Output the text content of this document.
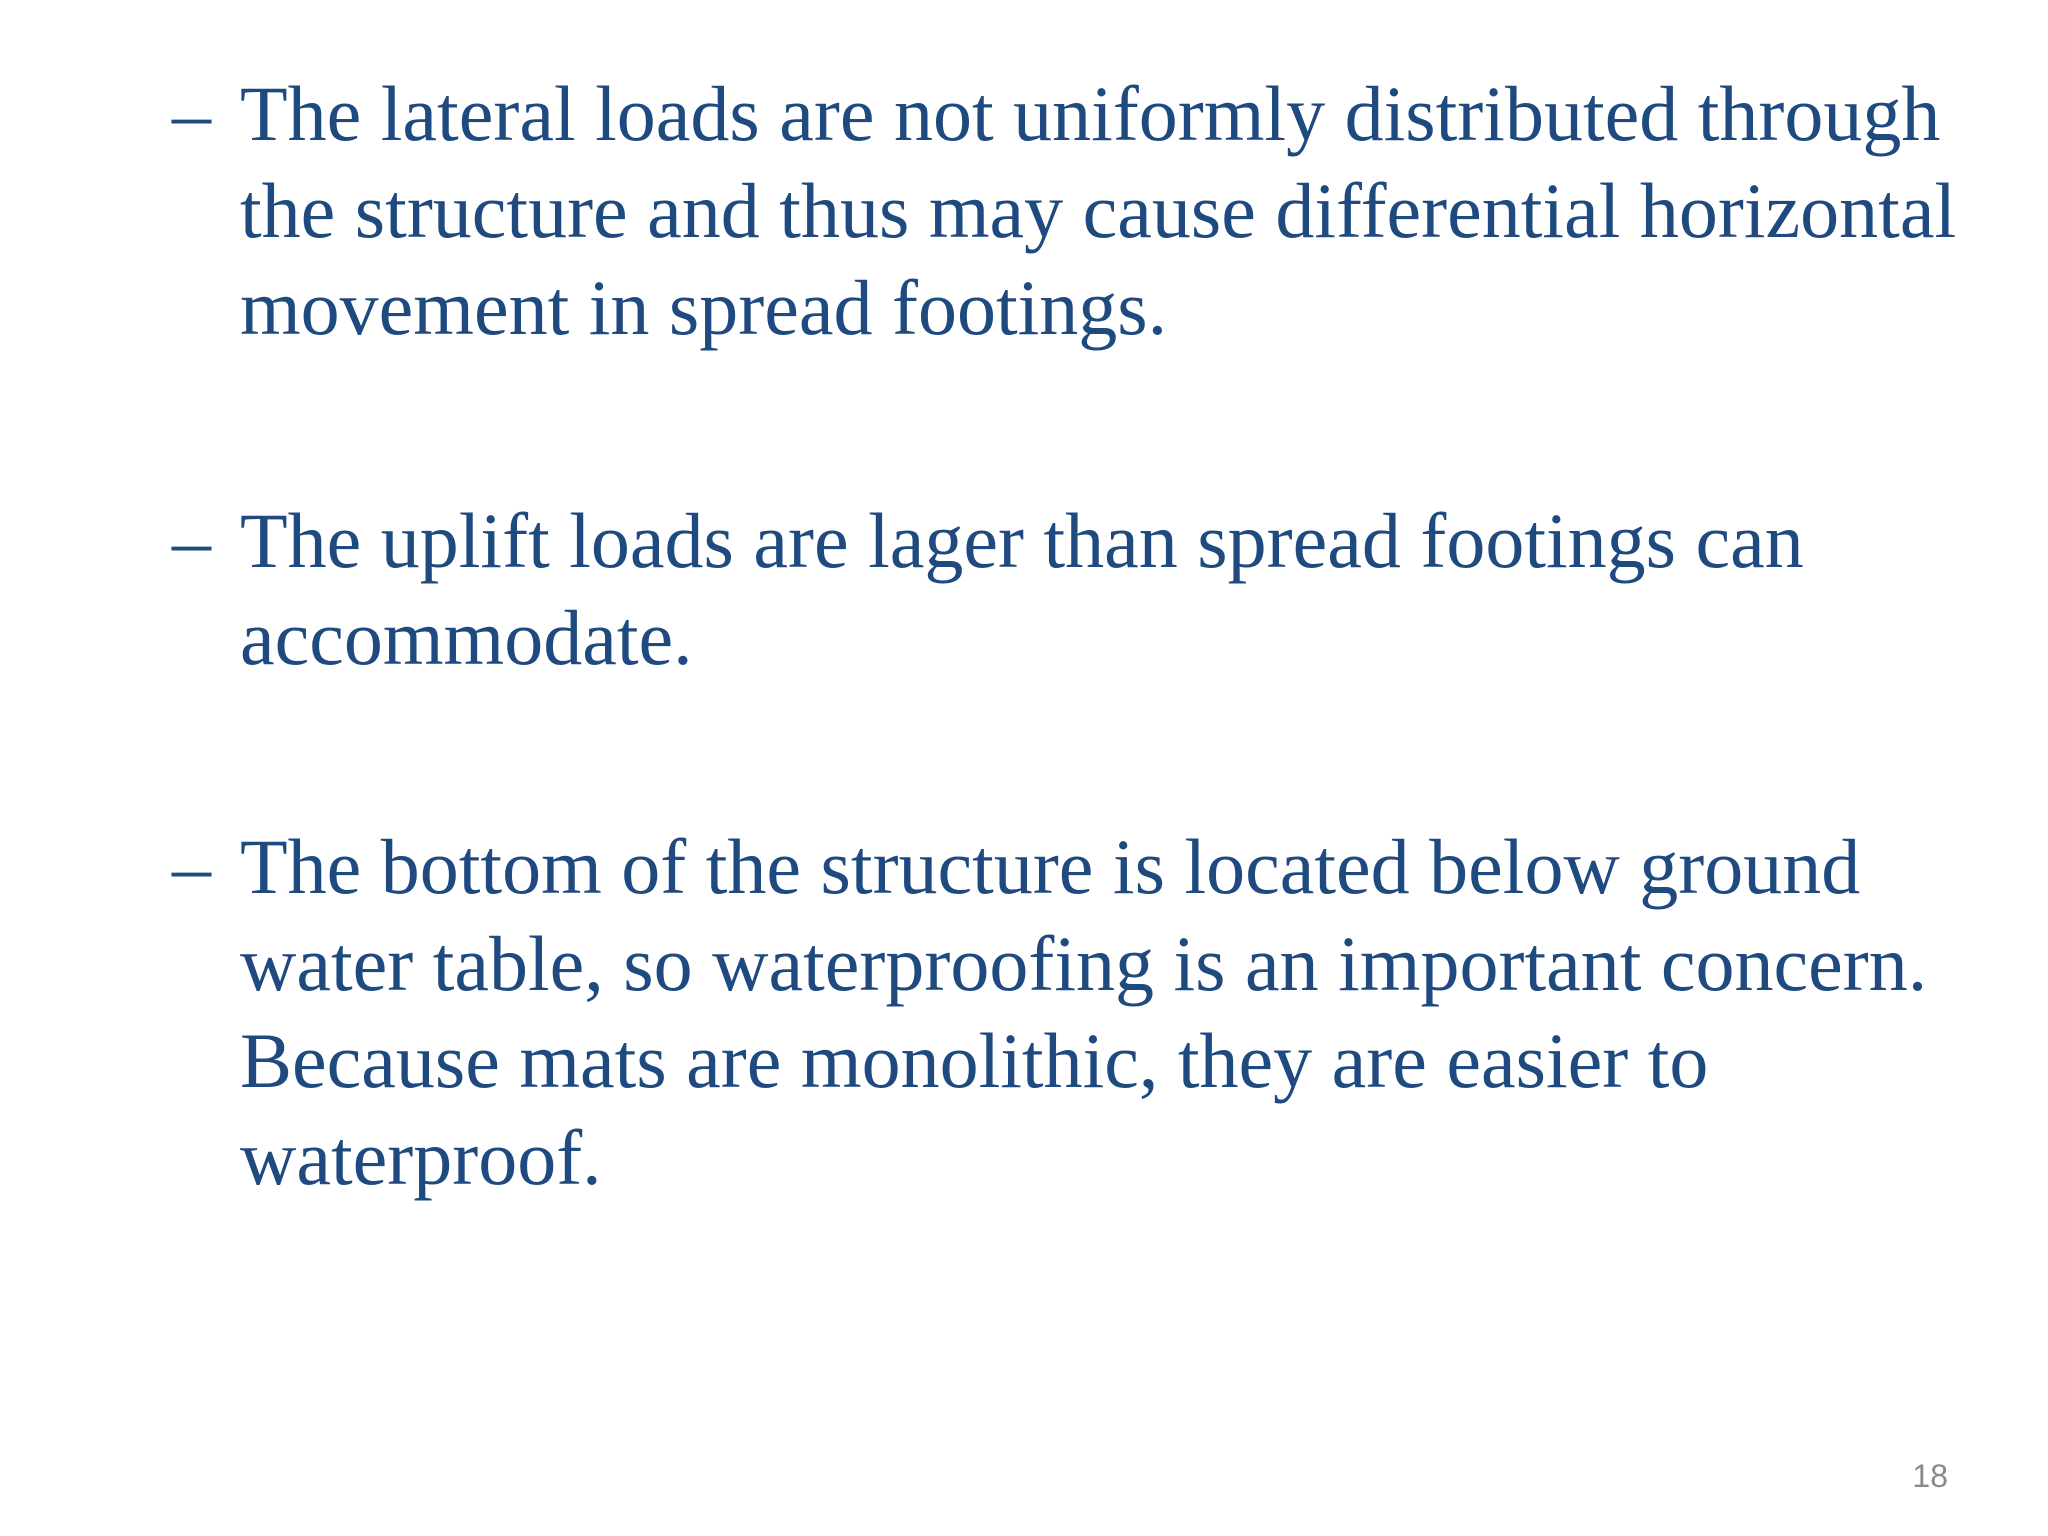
– The lateral loads are not uniformly distributed through
the structure and thus may cause differential horizontal
movement in spread footings.
– The uplift loads are lager than spread footings can
accommodate.
– The bottom of the structure is located below ground
water table, so waterproofing is an important concern.
Because mats are monolithic, they are easier to
waterproof.
18
